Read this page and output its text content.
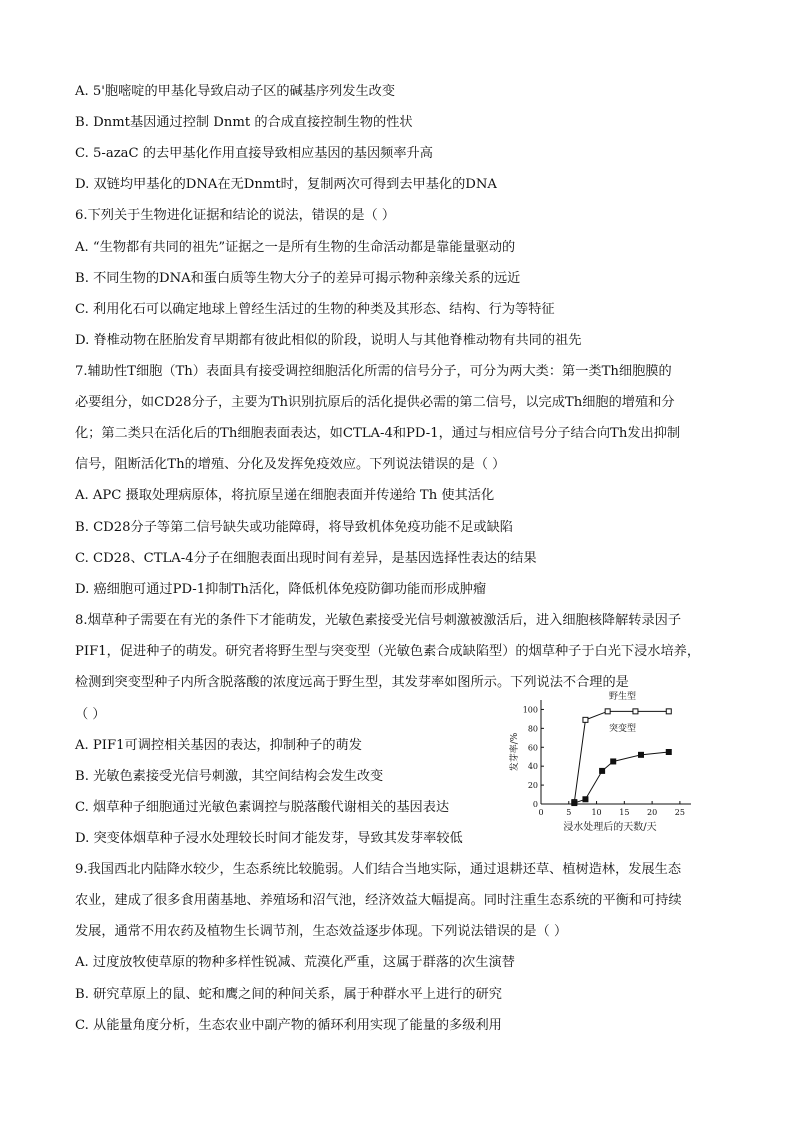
A. 5'胞嘧啶的甲基化导致启动子区的碱基序列发生改变
B. Dnmt基因通过控制 Dnmt 的合成直接控制生物的性状
C. 5-azaC 的去甲基化作用直接导致相应基因的基因频率升高
D. 双链均甲基化的DNA在无Dnmt时，复制两次可得到去甲基化的DNA
6.下列关于生物进化证据和结论的说法，错误的是（ ）
A. “生物都有共同的祖先”证据之一是所有生物的生命活动都是靠能量驱动的
B. 不同生物的DNA和蛋白质等生物大分子的差异可揭示物种亲缘关系的远近
C. 利用化石可以确定地球上曾经生活过的生物的种类及其形态、结构、行为等特征
D. 脊椎动物在胚胎发育早期都有彼此相似的阶段，说明人与其他脊椎动物有共同的祖先
7.辅助性T细胞（Th）表面具有接受调控细胞活化所需的信号分子，可分为两大类：第一类Th细胞膜的
必要组分，如CD28分子，主要为Th识别抗原后的活化提供必需的第二信号，以完成Th细胞的增殖和分
化；第二类只在活化后的Th细胞表面表达，如CTLA-4和PD-1，通过与相应信号分子结合向Th发出抑制
信号，阻断活化Th的增殖、分化及发挥免疫效应。下列说法错误的是（ ）
A. APC 摄取处理病原体，将抗原呈递在细胞表面并传递给 Th 使其活化
B. CD28分子等第二信号缺失或功能障碍，将导致机体免疫功能不足或缺陷
C. CD28、CTLA-4分子在细胞表面出现时间有差异，是基因选择性表达的结果
D. 癌细胞可通过PD-1抑制Th活化，降低机体免疫防御功能而形成肿瘤
8.烟草种子需要在有光的条件下才能萌发，光敏色素接受光信号刺激被激活后，进入细胞核降解转录因子
PIF1，促进种子的萌发。研究者将野生型与突变型（光敏色素合成缺陷型）的烟草种子于白光下浸水培养，
检测到突变型种子内所含脱落酸的浓度远高于野生型，其发芽率如图所示。下列说法不合理的是
（ ）
A. PIF1可调控相关基因的表达，抑制种子的萌发
B. 光敏色素接受光信号刺激，其空间结构会发生改变
C. 烟草种子细胞通过光敏色素调控与脱落酸代谢相关的基因表达
D. 突变体烟草种子浸水处理较长时间才能发芽，导致其发芽率较低
9.我国西北内陆降水较少，生态系统比较脆弱。人们结合当地实际，通过退耕还草、植树造林，发展生态
农业，建成了很多食用菌基地、养殖场和沼气池，经济效益大幅提高。同时注重生态系统的平衡和可持续
发展，通常不用农药及植物生长调节剂，生态效益逐步体现。下列说法错误的是（ ）
A. 过度放牧使草原的物种多样性锐减、荒漠化严重，这属于群落的次生演替
B. 研究草原上的鼠、蛇和鹰之间的种间关系，属于种群水平上进行的研究
C. 从能量角度分析，生态农业中副产物的循环利用实现了能量的多级利用
0	5	10 15 20 25
0
20
40
60
80
100
浸水处理后的天数/天
发芽率/%
野生型
突变型
